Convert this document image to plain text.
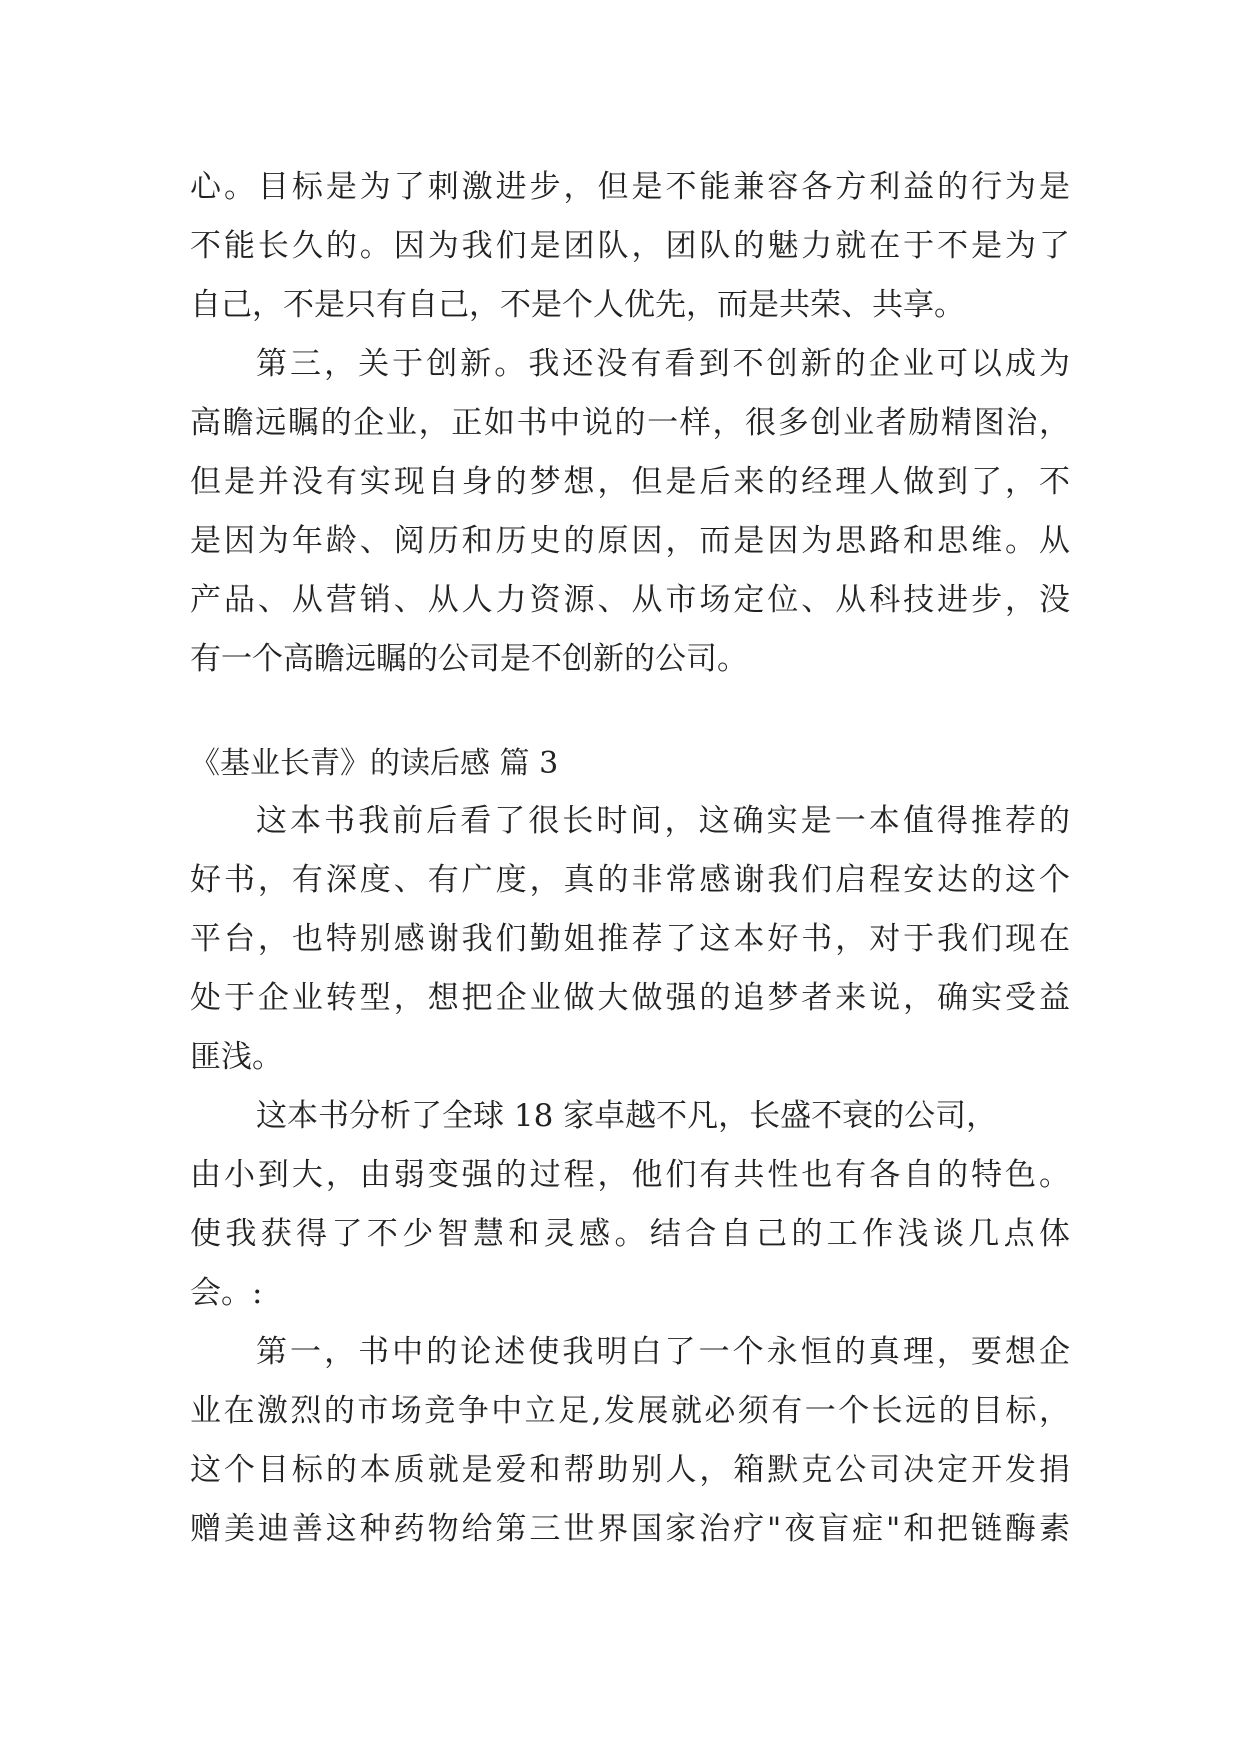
心。目标是为了刺激进步，但是不能兼容各方利益的行为是
不能长久的。因为我们是团队，团队的魅力就在于不是为了
自己，不是只有自己，不是个人优先，而是共荣、共享。
第三，关于创新。我还没有看到不创新的企业可以成为
高瞻远瞩的企业，正如书中说的一样，很多创业者励精图治，
但是并没有实现自身的梦想，但是后来的经理人做到了，不
是因为年龄、阅历和历史的原因，而是因为思路和思维。从
产品、从营销、从人力资源、从市场定位、从科技进步，没
有一个高瞻远瞩的公司是不创新的公司。
《基业长青》的读后感 篇 3
这本书我前后看了很长时间，这确实是一本值得推荐的
好书，有深度、有广度，真的非常感谢我们启程安达的这个
平台，也特别感谢我们勤姐推荐了这本好书，对于我们现在
处于企业转型，想把企业做大做强的追梦者来说，确实受益
匪浅。
这本书分析了全球 18 家卓越不凡，长盛不衰的公司，
由小到大，由弱变强的过程，他们有共性也有各自的特色。
使我获得了不少智慧和灵感。结合自己的工作浅谈几点体
会。:
第一，书中的论述使我明白了一个永恒的真理，要想企
业在激烈的市场竞争中立足,发展就必须有一个长远的目标，
这个目标的本质就是爱和帮助别人，箱默克公司决定开发捐
赠美迪善这种药物给第三世界国家治疗"夜盲症"和把链酶素
